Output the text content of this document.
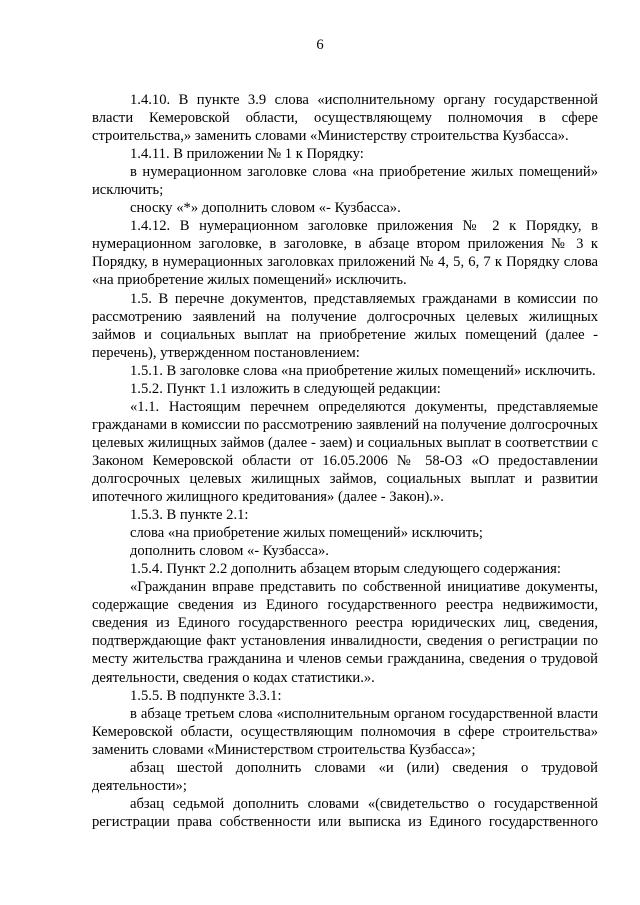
6

1.4.10. В пункте 3.9 слова «исполнительному органу государственной власти Кемеровской области, осуществляющему полномочия в сфере строительства,» заменить словами «Министерству строительства Кузбасса».

1.4.11. В приложении № 1 к Порядку:

в нумерационном заголовке слова «на приобретение жилых помещений» исключить;

сноску «*» дополнить словом «- Кузбасса».

1.4.12. В нумерационном заголовке приложения № 2 к Порядку, в нумерационном заголовке, в заголовке, в абзаце втором приложения № 3 к Порядку, в нумерационных заголовках приложений № 4, 5, 6, 7 к Порядку слова «на приобретение жилых помещений» исключить.

1.5. В перечне документов, представляемых гражданами в комиссии по рассмотрению заявлений на получение долгосрочных целевых жилищных займов и социальных выплат на приобретение жилых помещений (далее - перечень), утвержденном постановлением:

1.5.1. В заголовке слова «на приобретение жилых помещений» исключить.

1.5.2. Пункт 1.1 изложить в следующей редакции:

«1.1. Настоящим перечнем определяются документы, представляемые гражданами в комиссии по рассмотрению заявлений на получение долгосрочных целевых жилищных займов (далее - заем) и социальных выплат в соответствии с Законом Кемеровской области от 16.05.2006 № 58-ОЗ «О предоставлении долгосрочных целевых жилищных займов, социальных выплат и развитии ипотечного жилищного кредитования» (далее - Закон).».

1.5.3. В пункте 2.1:

слова «на приобретение жилых помещений» исключить;

дополнить словом «- Кузбасса».

1.5.4. Пункт 2.2 дополнить абзацем вторым следующего содержания:

«Гражданин вправе представить по собственной инициативе документы, содержащие сведения из Единого государственного реестра недвижимости, сведения из Единого государственного реестра юридических лиц, сведения, подтверждающие факт установления инвалидности, сведения о регистрации по месту жительства гражданина и членов семьи гражданина, сведения о трудовой деятельности, сведения о кодах статистики.».

1.5.5. В подпункте 3.3.1:

в абзаце третьем слова «исполнительным органом государственной власти Кемеровской области, осуществляющим полномочия в сфере строительства» заменить словами «Министерством строительства Кузбасса»;

абзац шестой дополнить словами «и (или) сведения о трудовой деятельности»;

абзац седьмой дополнить словами «(свидетельство о государственной регистрации права собственности или выписка из Единого государственного
